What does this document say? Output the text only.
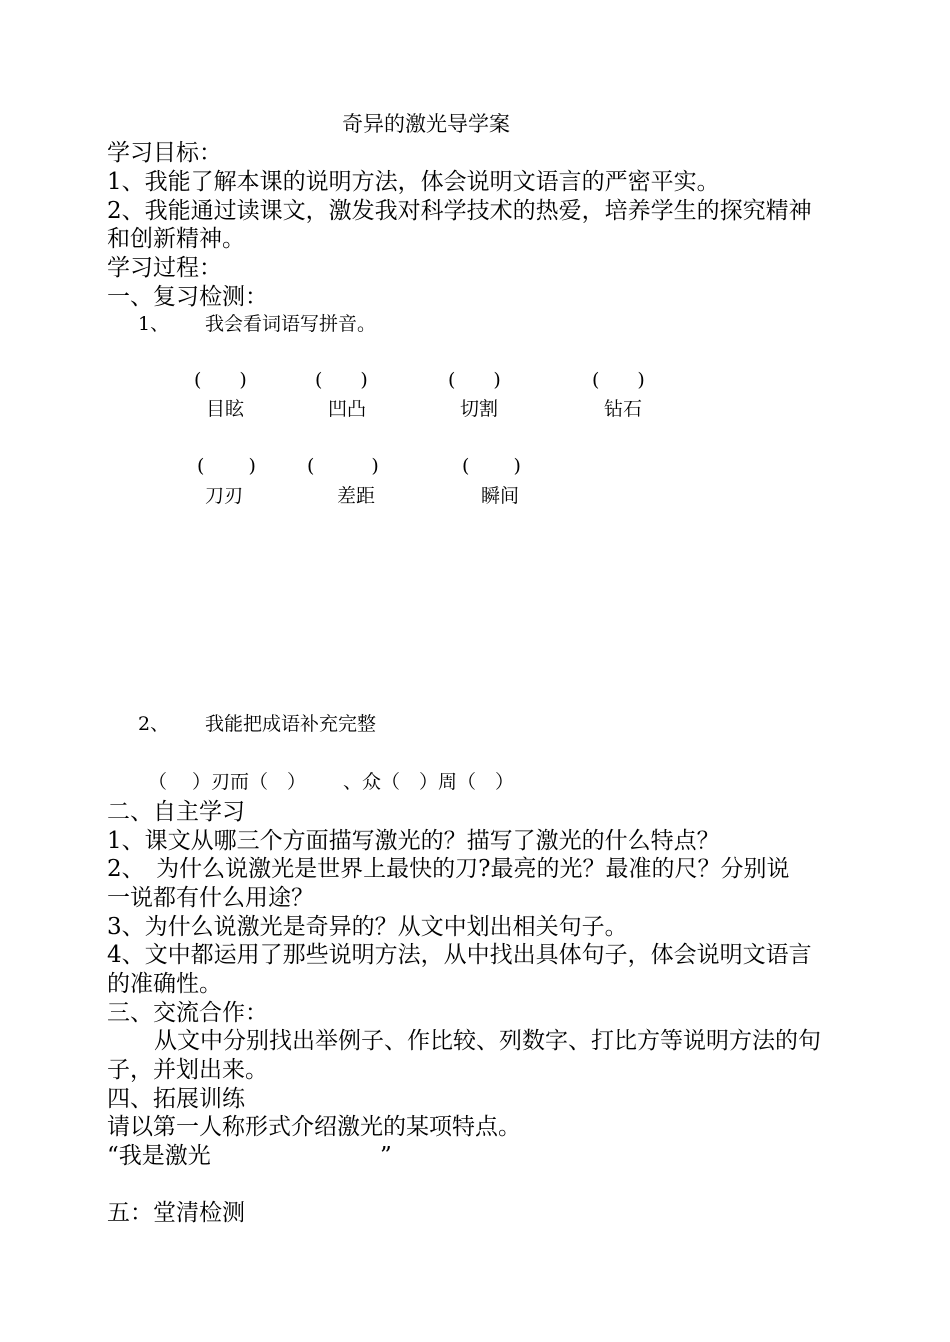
奇异的激光导学案
学习目标：
1、我能了解本课的说明方法，体会说明文语言的严密平实。
2、我能通过读课文，激发我对科学技术的热爱，培养学生的探究精神
和创新精神。
学习过程：
一、复习检测：
1、 我会看词语写拼音。
(　　)	(　　)	(　　)	(　　)
目眩	凹凸	切割	钻石
(　　 )	(　　　)	(　　 )
刀刃	差距	瞬间
2、 我能把成语补充完整
（　 ）刃而（　） 、众（　）周（　）
二、自主学习
1、课文从哪三个方面描写激光的？描写了激光的什么特点？
2、　为什么说激光是世界上最快的刀?最亮的光？最准的尺？分别说
一说都有什么用途？
3、为什么说激光是奇异的？从文中划出相关句子。
4、文中都运用了那些说明方法，从中找出具体句子，体会说明文语言
的准确性。
三、交流合作：
从文中分别找出举例子、作比较、列数字、打比方等说明方法的句
子，并划出来。
四、拓展训练
请以第一人称形式介绍激光的某项特点。
“我是激光	”
五：堂清检测
